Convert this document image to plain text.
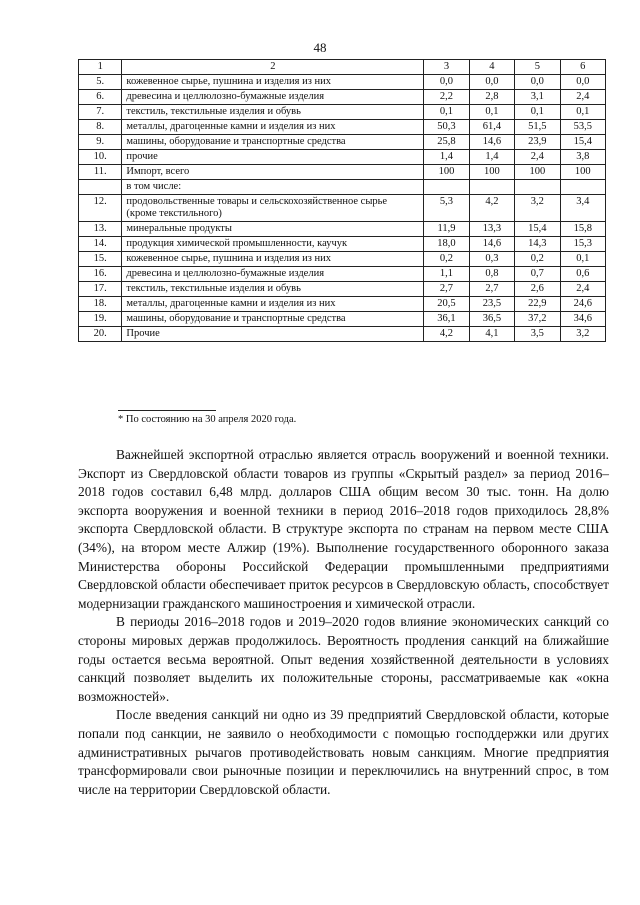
48
1	2	3	4	5	6
5.	кожевенное сырье, пушнина и изделия из них	0,0	0,0	0,0	0,0
6.	древесина и целлюлозно-бумажные изделия	2,2	2,8	3,1	2,4
7.	текстиль, текстильные изделия и обувь	0,1	0,1	0,1	0,1
8.	металлы, драгоценные камни и изделия из них	50,3	61,4	51,5	53,5
9.	машины, оборудование и транспортные средства	25,8	14,6	23,9	15,4
10.	прочие	1,4	1,4	2,4	3,8
11.	Импорт, всего	100	100	100	100
	в том числе:				
12.	продовольственные товары и сельскохозяйственное сырье (кроме текстильного)	5,3	4,2	3,2	3,4
13.	минеральные продукты	11,9	13,3	15,4	15,8
14.	продукция химической промышленности, каучук	18,0	14,6	14,3	15,3
15.	кожевенное сырье, пушнина и изделия из них	0,2	0,3	0,2	0,1
16.	древесина и целлюлозно-бумажные изделия	1,1	0,8	0,7	0,6
17.	текстиль, текстильные изделия и обувь	2,7	2,7	2,6	2,4
18.	металлы, драгоценные камни и изделия из них	20,5	23,5	22,9	24,6
19.	машины, оборудование и транспортные средства	36,1	36,5	37,2	34,6
20.	Прочие	4,2	4,1	3,5	3,2
* По состоянию на 30 апреля 2020 года.

Важнейшей экспортной отраслью является отрасль вооружений и военной техники. Экспорт из Свердловской области товаров из группы «Скрытый раздел» за период 2016–2018 годов составил 6,48 млрд. долларов США общим весом 30 тыс. тонн. На долю экспорта вооружения и военной техники в период 2016–2018 годов приходилось 28,8% экспорта Свердловской области. В структуре экспорта по странам на первом месте США (34%), на втором месте Алжир (19%). Выполнение государственного оборонного заказа Министерства обороны Российской Федерации промышленными предприятиями Свердловской области обеспечивает приток ресурсов в Свердловскую область, способствует модернизации гражданского машиностроения и химической отрасли.

В периоды 2016–2018 годов и 2019–2020 годов влияние экономических санкций со стороны мировых держав продолжилось. Вероятность продления санкций на ближайшие годы остается весьма вероятной. Опыт ведения хозяйственной деятельности в условиях санкций позволяет выделить их положительные стороны, рассматриваемые как «окна возможностей».

После введения санкций ни одно из 39 предприятий Свердловской области, которые попали под санкции, не заявило о необходимости с помощью господдержки или других административных рычагов противодействовать новым санкциям. Многие предприятия трансформировали свои рыночные позиции и переключились на внутренний спрос, в том числе на территории Свердловской области.
